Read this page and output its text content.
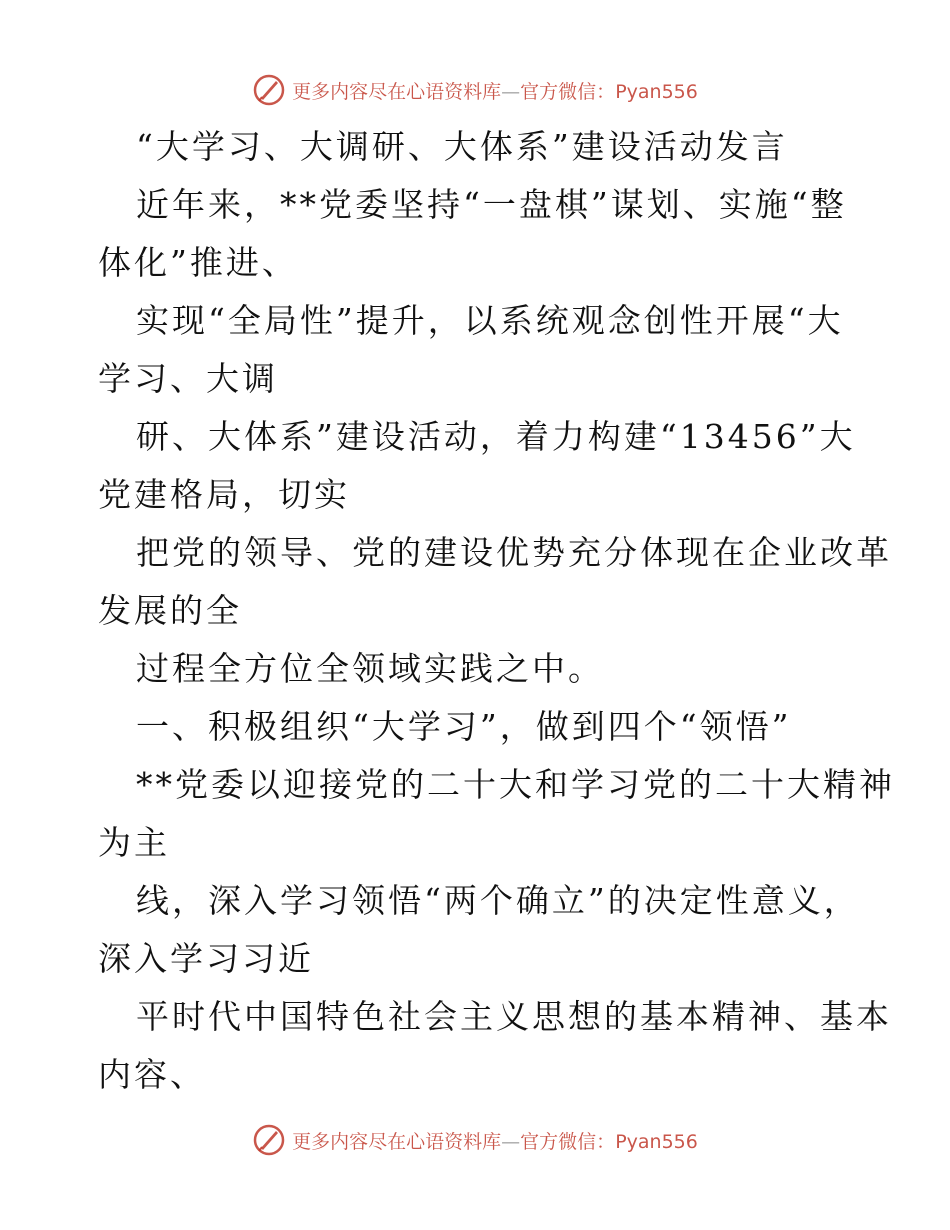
更多内容尽在心语资料库—官方微信：Pyan556
“大学习、大调研、大体系”建设活动发言
近年来，**党委坚持“一盘棋”谋划、实施“整
体化”推进、
实现“全局性”提升，以系统观念创性开展“大
学习、大调
研、大体系”建设活动，着力构建“13456”大
党建格局，切实
把党的领导、党的建设优势充分体现在企业改革
发展的全
过程全方位全领域实践之中。
一、积极组织“大学习”，做到四个“领悟”
**党委以迎接党的二十大和学习党的二十大精神
为主
线，深入学习领悟“两个确立”的决定性意义，
深入学习习近
平时代中国特色社会主义思想的基本精神、基本
内容、
更多内容尽在心语资料库—官方微信：Pyan556
